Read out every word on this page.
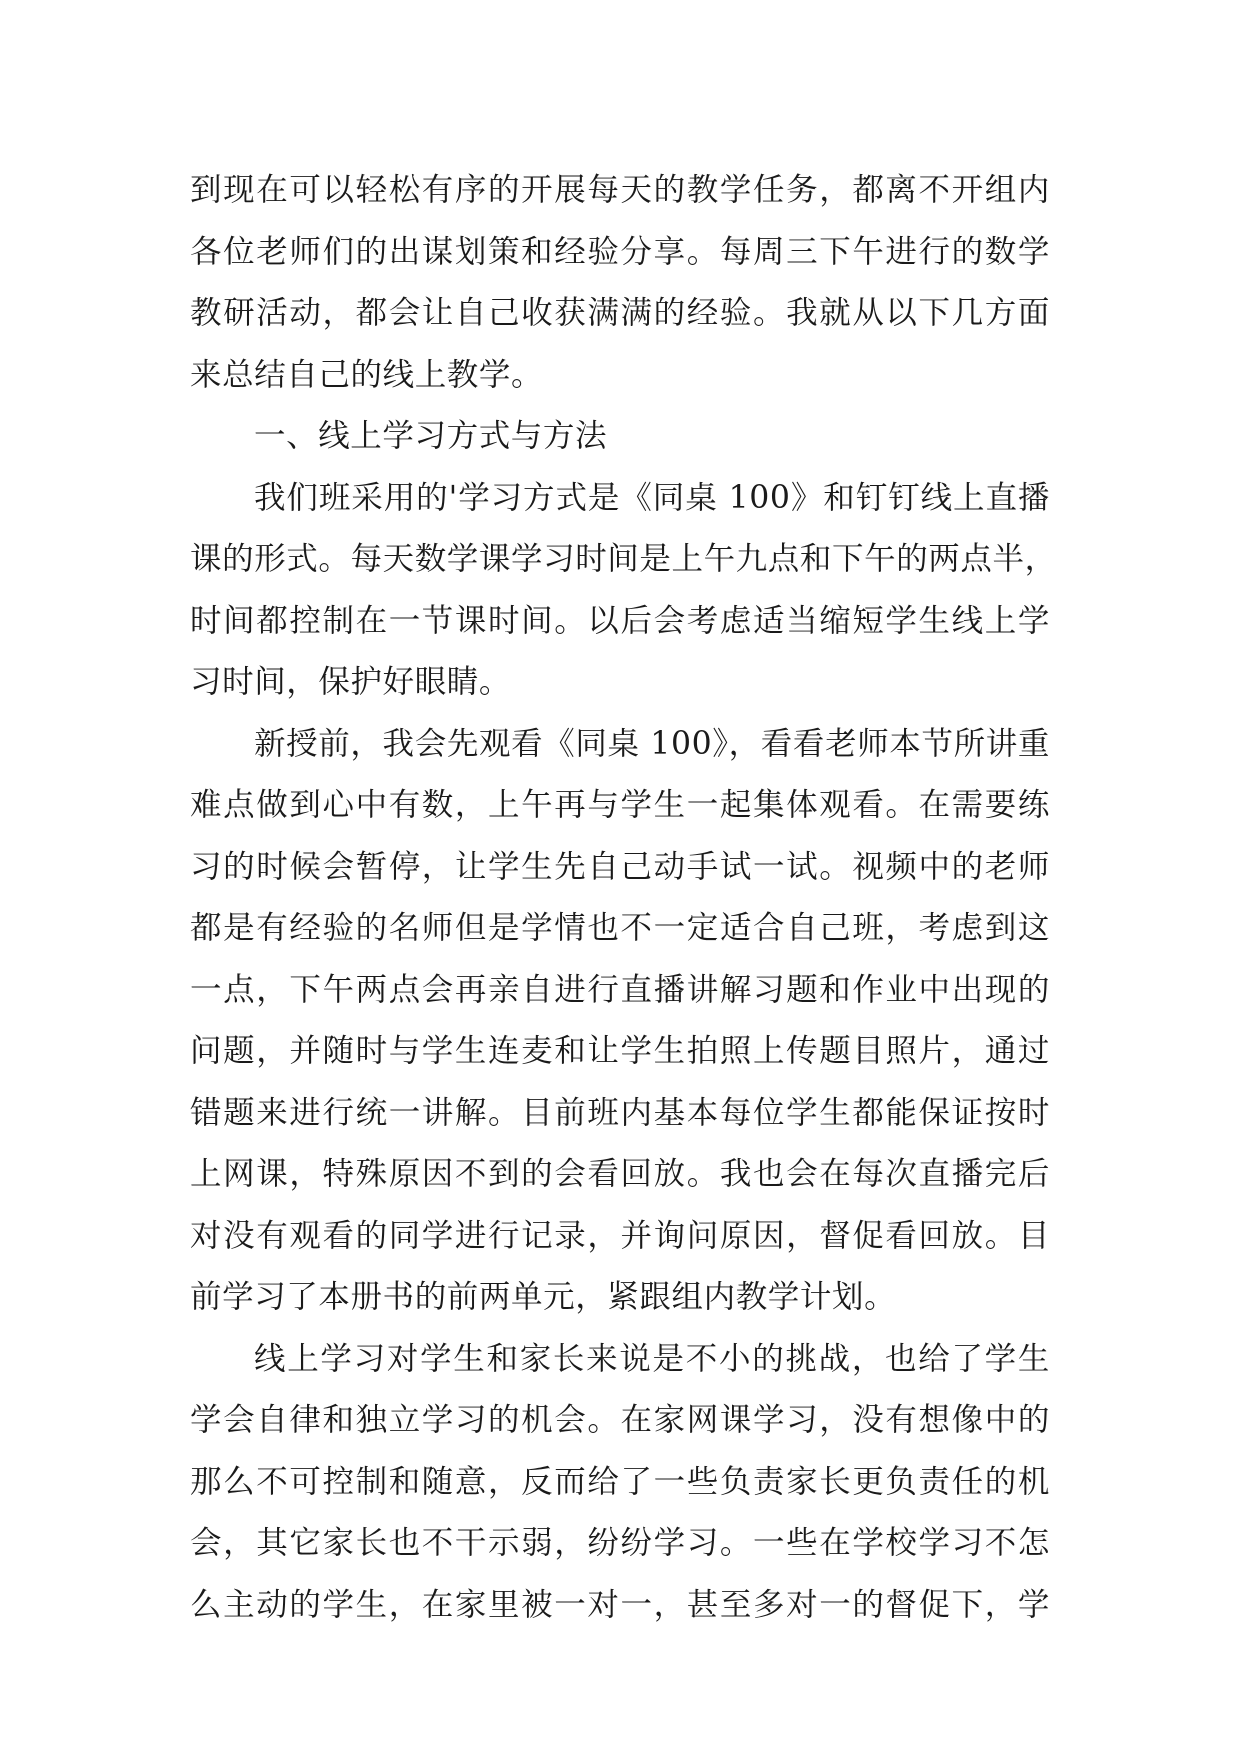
到现在可以轻松有序的开展每天的教学任务，都离不开组内
各位老师们的出谋划策和经验分享。每周三下午进行的数学
教研活动，都会让自己收获满满的经验。我就从以下几方面
来总结自己的线上教学。
一、线上学习方式与方法
我们班采用的'学习方式是《同桌 100》和钉钉线上直播
课的形式。每天数学课学习时间是上午九点和下午的两点半，
时间都控制在一节课时间。以后会考虑适当缩短学生线上学
习时间，保护好眼睛。
新授前，我会先观看《同桌 100》，看看老师本节所讲重
难点做到心中有数，上午再与学生一起集体观看。在需要练
习的时候会暂停，让学生先自己动手试一试。视频中的老师
都是有经验的名师但是学情也不一定适合自己班，考虑到这
一点，下午两点会再亲自进行直播讲解习题和作业中出现的
问题，并随时与学生连麦和让学生拍照上传题目照片，通过
错题来进行统一讲解。目前班内基本每位学生都能保证按时
上网课，特殊原因不到的会看回放。我也会在每次直播完后
对没有观看的同学进行记录，并询问原因，督促看回放。目
前学习了本册书的前两单元，紧跟组内教学计划。
线上学习对学生和家长来说是不小的挑战，也给了学生
学会自律和独立学习的机会。在家网课学习，没有想像中的
那么不可控制和随意，反而给了一些负责家长更负责任的机
会，其它家长也不干示弱，纷纷学习。一些在学校学习不怎
么主动的学生，在家里被一对一，甚至多对一的督促下，学
